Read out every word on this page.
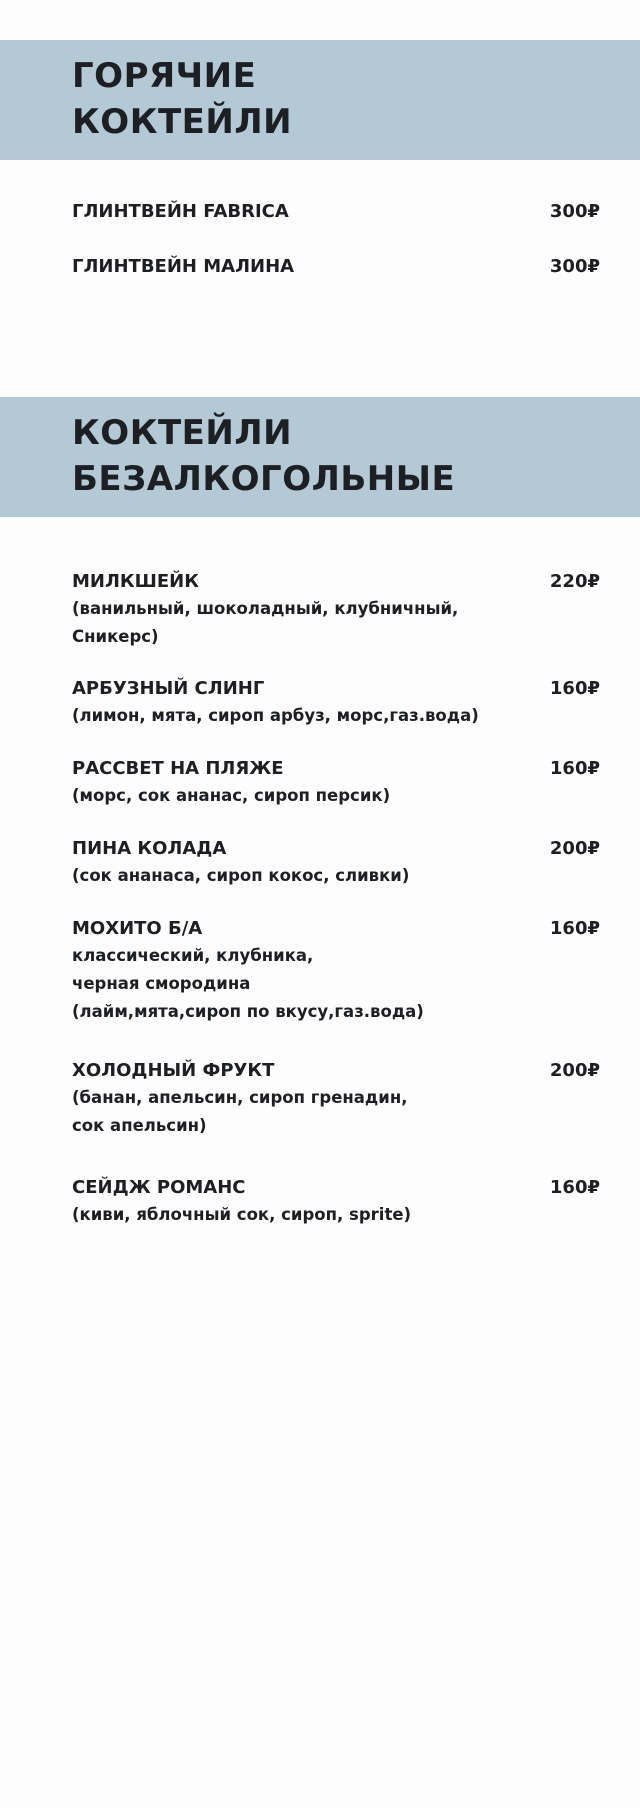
ГОРЯЧИЕ
КОКТЕЙЛИ
ГЛИНТВЕЙН FABRICA	300₽
ГЛИНТВЕЙН МАЛИНА	300₽
КОКТЕЙЛИ
БЕЗАЛКОГОЛЬНЫЕ
МИЛКШЕЙК	220₽
(ванильный, шоколадный, клубничный,
Сникерс)
АРБУЗНЫЙ СЛИНГ	160₽
(лимон, мята, сироп арбуз, морс,газ.вода)
РАССВЕТ НА ПЛЯЖЕ	160₽
(морс, сок ананас, сироп персик)
ПИНА КОЛАДА	200₽
(сок ананаса, сироп кокос, сливки)
МОХИТО Б/А	160₽
классический, клубника,
черная смородина
(лайм,мята,сироп по вкусу,газ.вода)
ХОЛОДНЫЙ ФРУКТ	200₽
(банан, апельсин, сироп гренадин,
сок апельсин)
СЕЙДЖ РОМАНС	160₽
(киви, яблочный сок, сироп, sprite)
